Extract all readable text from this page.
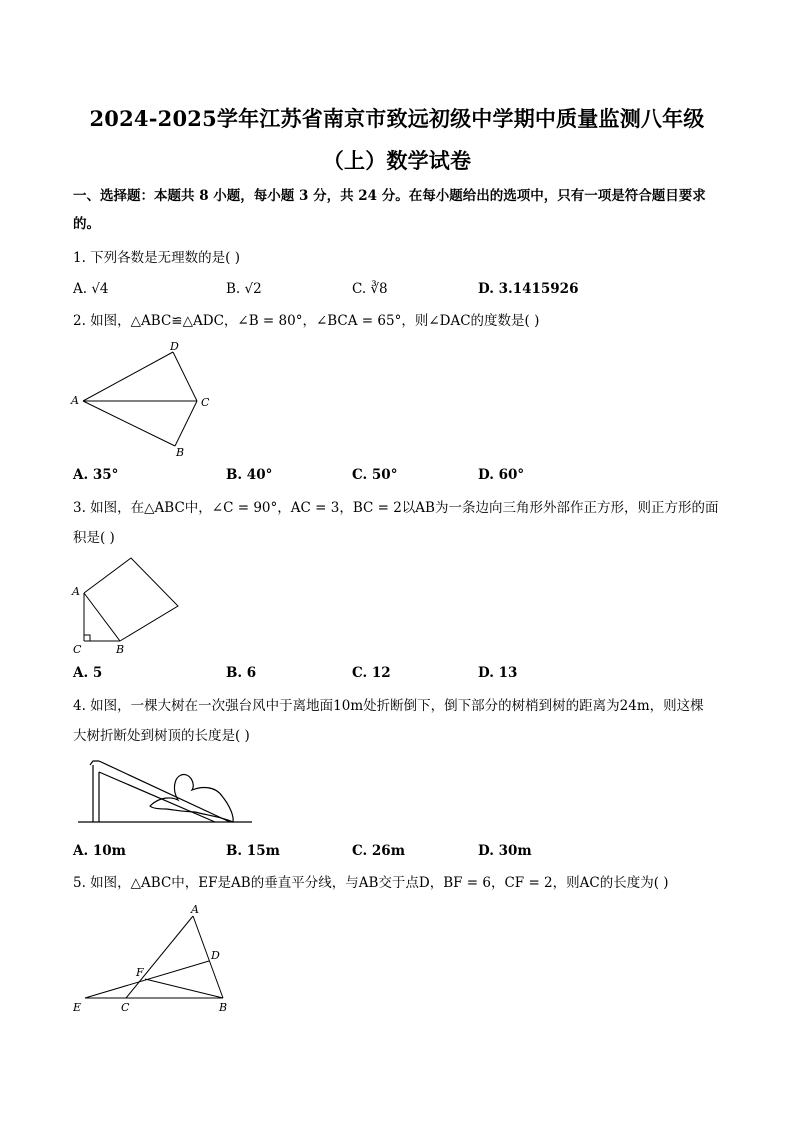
2024-2025学年江苏省南京市致远初级中学期中质量监测八年级
（上）数学试卷
一、选择题：本题共 8 小题，每小题 3 分，共 24 分。在每小题给出的选项中，只有一项是符合题目要求
的。
1. 下列各数是无理数的是( )
A. √4	B. √2	C. ∛8	D. 3.1415926
2. 如图，△ABC≌△ADC，∠B = 80°，∠BCA = 65°，则∠DAC的度数是( )
D
A	C
B
A. 35°	B. 40°	C. 50°	D. 60°
3. 如图，在△ABC中，∠C = 90°，AC = 3，BC = 2以AB为一条边向三角形外部作正方形，则正方形的面
积是( )
A
C	B
A. 5	B. 6	C. 12	D. 13
4. 如图，一棵大树在一次强台风中于离地面10m处折断倒下，倒下部分的树梢到树的距离为24m，则这棵
大树折断处到树顶的长度是( )
A. 10m	B. 15m	C. 26m	D. 30m
5. 如图，△ABC中，EF是AB的垂直平分线，与AB交于点D，BF = 6，CF = 2，则AC的长度为( )
A
D
F
E	C	B
